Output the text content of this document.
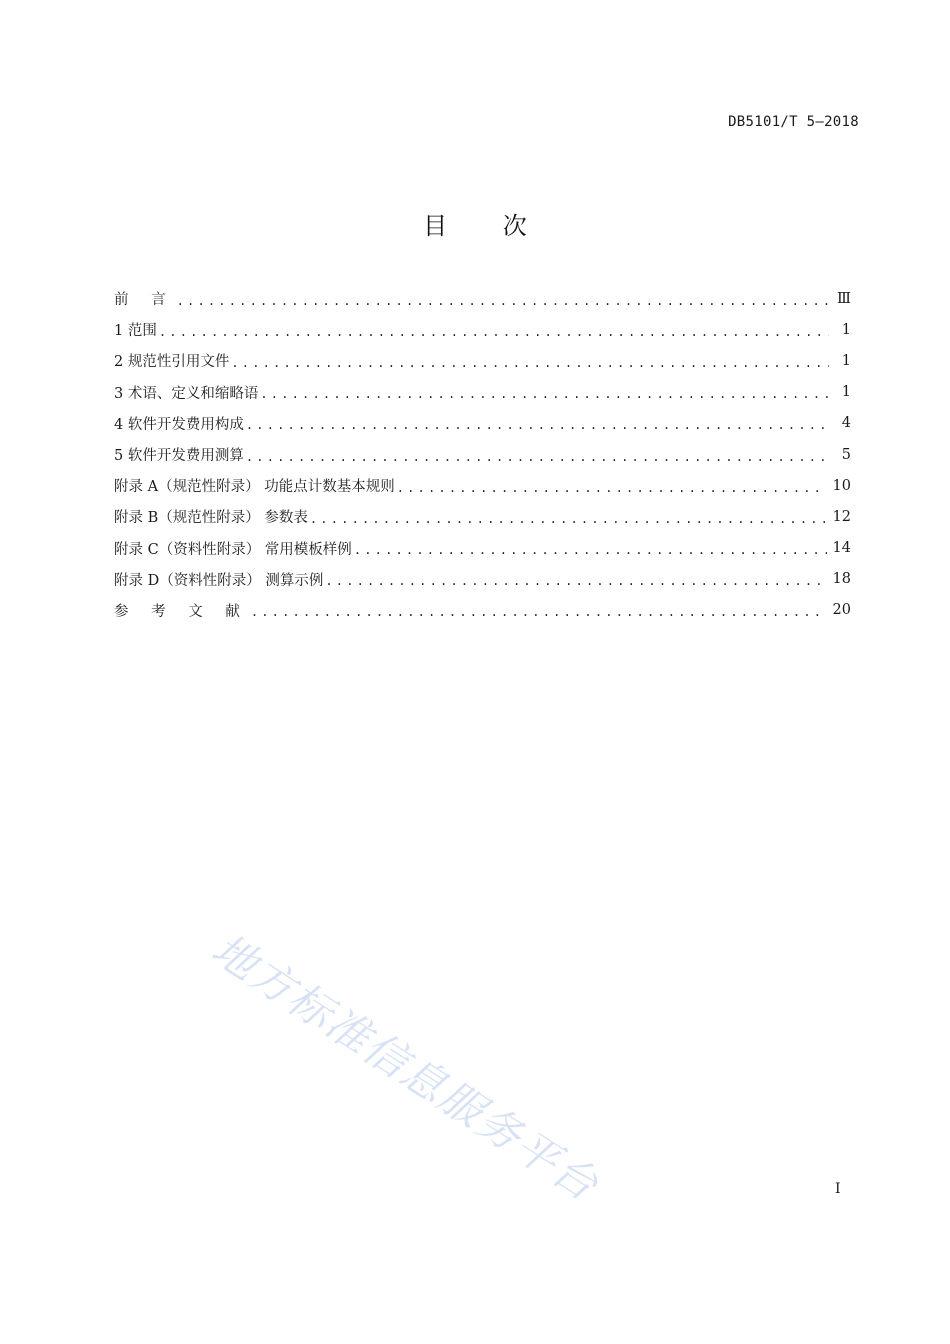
DB5101/T 5—2018
目 次
前 言 .....	Ⅲ
1 范围 .....	1
2 规范性引用文件 .....	1
3 术语、定义和缩略语 .....	1
4 软件开发费用构成 .....	4
5 软件开发费用测算 .....	5
附录 A（规范性附录） 功能点计数基本规则 .....	10
附录 B（规范性附录） 参数表 .....	12
附录 C（资料性附录） 常用模板样例 .....	14
附录 D（资料性附录） 测算示例 .....	18
参 考 文 献 .....	20
地方标准信息服务平台	I
